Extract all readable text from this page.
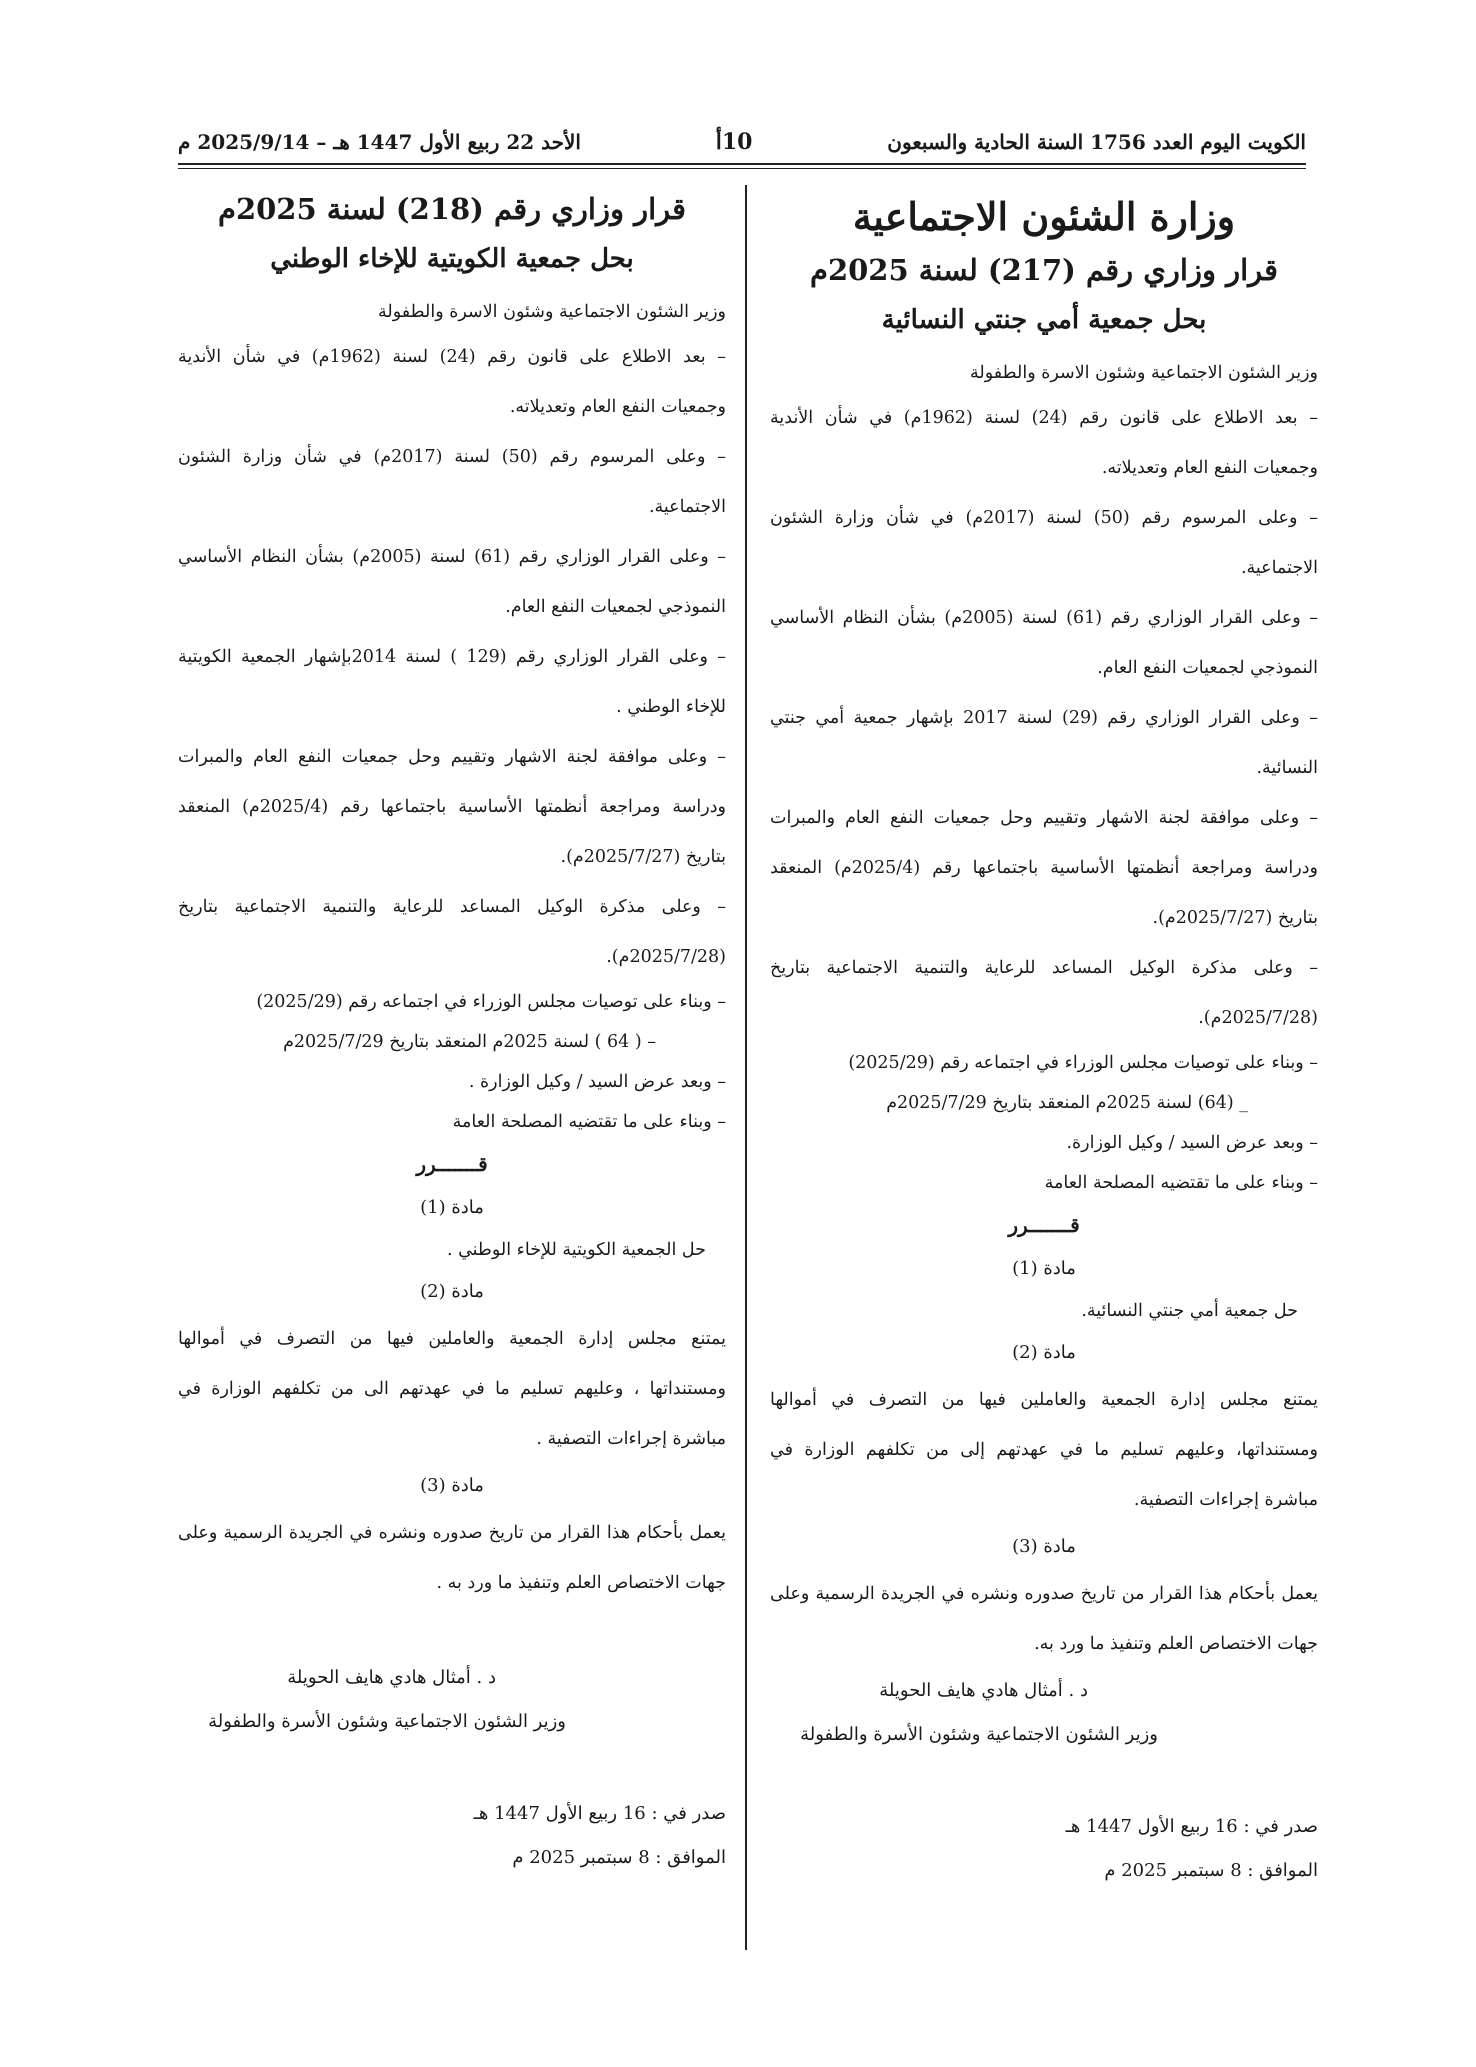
الكويت اليوم العدد 1756 السنة الحادية والسبعون
10أ
الأحد 22 ربيع الأول 1447 هـ – 2025/9/14 م
وزارة الشئون الاجتماعية
قرار وزاري رقم (217) لسنة 2025م
بحل جمعية أمي جنتي النسائية

وزير الشئون الاجتماعية وشئون الاسرة والطفولة

– بعد الاطلاع على قانون رقم (24) لسنة (1962م) في شأن الأندية وجمعيات النفع العام وتعديلاته.

– وعلى المرسوم رقم (50) لسنة (2017م) في شأن وزارة الشئون الاجتماعية.

– وعلى القرار الوزاري رقم (61) لسنة (2005م) بشأن النظام الأساسي النموذجي لجمعيات النفع العام.

– وعلى القرار الوزاري رقم (29) لسنة 2017 بإشهار جمعية أمي جنتي النسائية.

– وعلى موافقة لجنة الاشهار وتقييم وحل جمعيات النفع العام والمبرات ودراسة ومراجعة أنظمتها الأساسية باجتماعها رقم (2025/4م) المنعقد بتاريخ (2025/7/27م).

– وعلى مذكرة الوكيل المساعد للرعاية والتنمية الاجتماعية بتاريخ (2025/7/28م).

– وبناء على توصيات مجلس الوزراء في اجتماعه رقم (2025/29)

_ (64) لسنة 2025م المنعقد بتاريخ 2025/7/29م

– وبعد عرض السيد / وكيل الوزارة.

– وبناء على ما تقتضيه المصلحة العامة

قـــــــرر

مادة (1)

حل جمعية أمي جنتي النسائية.

مادة (2)

يمتنع مجلس إدارة الجمعية والعاملين فيها من التصرف في أموالها ومستنداتها، وعليهم تسليم ما في عهدتهم إلى من تكلفهم الوزارة في مباشرة إجراءات التصفية.

مادة (3)

يعمل بأحكام هذا القرار من تاريخ صدوره ونشره في الجريدة الرسمية وعلى جهات الاختصاص العلم وتنفيذ ما ورد به.

د . أمثال هادي هايف الحويلة

وزير الشئون الاجتماعية وشئون الأسرة والطفولة

صدر في : 16 ربيع الأول 1447 هـ

الموافق : 8 سبتمبر 2025 م

قرار وزاري رقم (218) لسنة 2025م
بحل جمعية الكويتية للإخاء الوطني

وزير الشئون الاجتماعية وشئون الاسرة والطفولة

– بعد الاطلاع على قانون رقم (24) لسنة (1962م) في شأن الأندية وجمعيات النفع العام وتعديلاته.

– وعلى المرسوم رقم (50) لسنة (2017م) في شأن وزارة الشئون الاجتماعية.

– وعلى القرار الوزاري رقم (61) لسنة (2005م) بشأن النظام الأساسي النموذجي لجمعيات النفع العام.

– وعلى القرار الوزاري رقم (129 ) لسنة 2014بإشهار الجمعية الكويتية للإخاء الوطني .

– وعلى موافقة لجنة الاشهار وتقييم وحل جمعيات النفع العام والمبرات ودراسة ومراجعة أنظمتها الأساسية باجتماعها رقم (2025/4م) المنعقد بتاريخ (2025/7/27م).

– وعلى مذكرة الوكيل المساعد للرعاية والتنمية الاجتماعية بتاريخ (2025/7/28م).

– وبناء على توصيات مجلس الوزراء في اجتماعه رقم (2025/29)

– ( 64 ) لسنة 2025م المنعقد بتاريخ 2025/7/29م

– وبعد عرض السيد / وكيل الوزارة .

– وبناء على ما تقتضيه المصلحة العامة

قـــــــرر

مادة (1)

حل الجمعية الكويتية للإخاء الوطني .

مادة (2)

يمتنع مجلس إدارة الجمعية والعاملين فيها من التصرف في أموالها ومستنداتها ، وعليهم تسليم ما في عهدتهم الى من تكلفهم الوزارة في مباشرة إجراءات التصفية .

مادة (3)

يعمل بأحكام هذا القرار من تاريخ صدوره ونشره في الجريدة الرسمية وعلى جهات الاختصاص العلم وتنفيذ ما ورد به .

د . أمثال هادي هايف الحويلة

وزير الشئون الاجتماعية وشئون الأسرة والطفولة

صدر في : 16 ربيع الأول 1447 هـ

الموافق : 8 سبتمبر 2025 م
